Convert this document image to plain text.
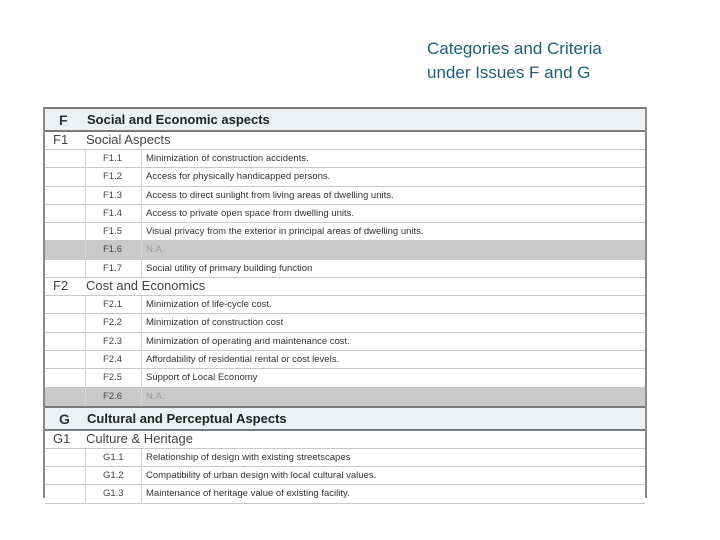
Categories and Criteria
under Issues F and G
F Social and Economic aspects
F1 Social Aspects
F1.1	Minimization of construction accidents.
F1.2	Access for physically handicapped persons.
F1.3	Access to direct sunlight from living areas of dwelling units.
F1.4	Access to private open space from dwelling units.
F1.5	Visual privacy from the exterior in principal areas of dwelling units.
F1.6	N.A.
F1.7	Social utility of primary building function
F2 Cost and Economics
F2.1	Minimization of life-cycle cost.
F2.2	Minimization of construction cost
F2.3	Minimization of operating and maintenance cost.
F2.4	Affordability of residential rental or cost levels.
F2.5	Support of Local Economy
F2.6	N.A.
G Cultural and Perceptual Aspects
G1 Culture & Heritage
G1.1 Relationship of design with existing streetscapes
G1.2 Compatibility of urban design with local cultural values.
G1.3 Maintenance of heritage value of existing facility.
